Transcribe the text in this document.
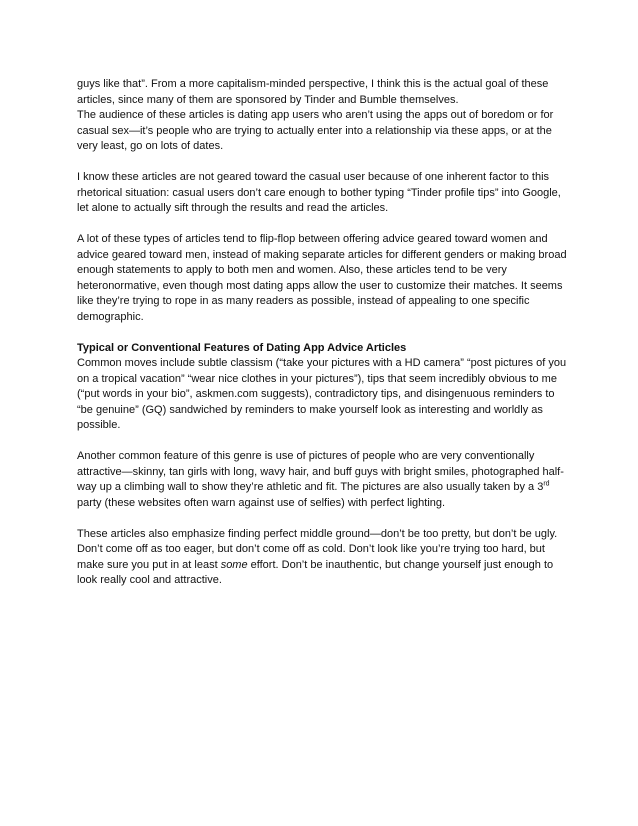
guys like that”. From a more capitalism-minded perspective, I think this is the actual goal of these articles, since many of them are sponsored by Tinder and Bumble themselves.

The audience of these articles is dating app users who aren’t using the apps out of boredom or for casual sex—it’s people who are trying to actually enter into a relationship via these apps, or at the very least, go on lots of dates.

I know these articles are not geared toward the casual user because of one inherent factor to this rhetorical situation: casual users don’t care enough to bother typing “Tinder profile tips” into Google, let alone to actually sift through the results and read the articles.

A lot of these types of articles tend to flip-flop between offering advice geared toward women and advice geared toward men, instead of making separate articles for different genders or making broad enough statements to apply to both men and women. Also, these articles tend to be very heteronormative, even though most dating apps allow the user to customize their matches. It seems like they’re trying to rope in as many readers as possible, instead of appealing to one specific demographic.

Typical or Conventional Features of Dating App Advice Articles

Common moves include subtle classism (“take your pictures with a HD camera” “post pictures of you on a tropical vacation” “wear nice clothes in your pictures”), tips that seem incredibly obvious to me (“put words in your bio”, askmen.com suggests), contradictory tips, and disingenuous reminders to “be genuine” (GQ) sandwiched by reminders to make yourself look as interesting and worldly as possible.

Another common feature of this genre is use of pictures of people who are very conventionally attractive—skinny, tan girls with long, wavy hair, and buff guys with bright smiles, photographed half-way up a climbing wall to show they’re athletic and fit. The pictures are also usually taken by a 3rd party (these websites often warn against use of selfies) with perfect lighting.

These articles also emphasize finding perfect middle ground—don’t be too pretty, but don’t be ugly. Don’t come off as too eager, but don’t come off as cold. Don’t look like you’re trying too hard, but make sure you put in at least some effort. Don’t be inauthentic, but change yourself just enough to look really cool and attractive.
